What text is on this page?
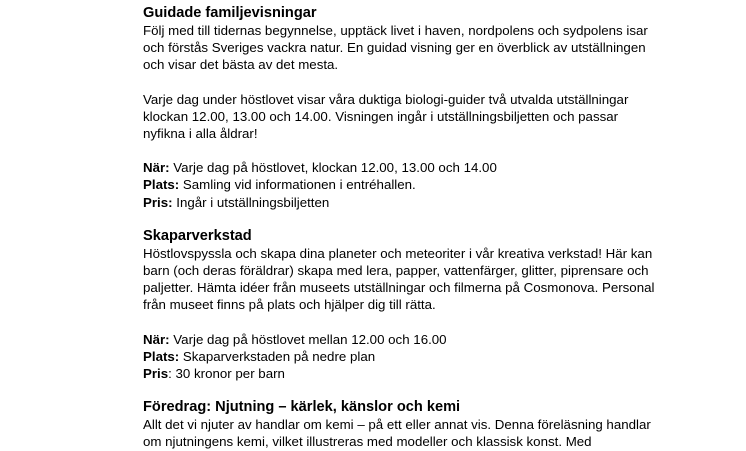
Guidade familjevisningar
Följ med till tidernas begynnelse, upptäck livet i haven, nordpolens och sydpolens isar
och förstås Sveriges vackra natur. En guidad visning ger en överblick av utställningen
och visar det bästa av det mesta.
Varje dag under höstlovet visar våra duktiga biologi-guider två utvalda utställningar
klockan 12.00, 13.00 och 14.00. Visningen ingår i utställningsbiljetten och passar
nyfikna i alla åldrar!
När: Varje dag på höstlovet, klockan 12.00, 13.00 och 14.00
Plats: Samling vid informationen i entréhallen.
Pris: Ingår i utställningsbiljetten
Skaparverkstad
Höstlovspyssla och skapa dina planeter och meteoriter i vår kreativa verkstad! Här kan
barn (och deras föräldrar) skapa med lera, papper, vattenfärger, glitter, piprensare och
paljetter. Hämta idéer från museets utställningar och filmerna på Cosmonova. Personal
från museet finns på plats och hjälper dig till rätta.
När: Varje dag på höstlovet mellan 12.00 och 16.00
Plats: Skaparverkstaden på nedre plan
Pris: 30 kronor per barn
Föredrag: Njutning – kärlek, känslor och kemi
Allt det vi njuter av handlar om kemi – på ett eller annat vis. Denna föreläsning handlar
om njutningens kemi, vilket illustreras med modeller och klassisk konst. Med
